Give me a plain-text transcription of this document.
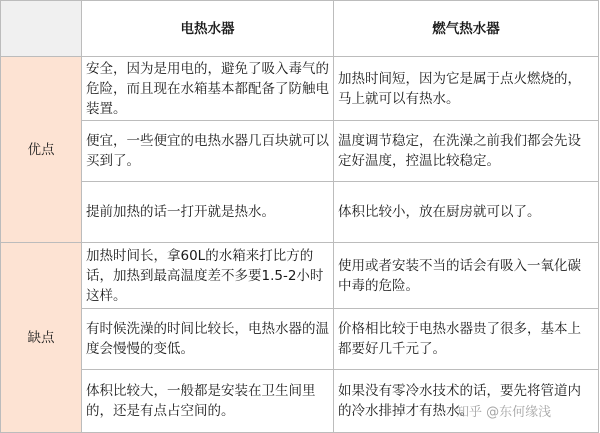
	电热水器	燃气热水器
优点	安全，因为是用电的，避免了吸入毒气的危险，而且现在水箱基本都配备了防触电装置。	加热时间短，因为它是属于点火燃烧的，马上就可以有热水。
	便宜，一些便宜的电热水器几百块就可以买到了。	温度调节稳定，在洗澡之前我们都会先设定好温度，控温比较稳定。
	提前加热的话一打开就是热水。	体积比较小，放在厨房就可以了。
缺点	加热时间长，拿60L的水箱来打比方的话，加热到最高温度差不多要1.5-2小时这样。	使用或者安装不当的话会有吸入一氧化碳中毒的危险。
	有时候洗澡的时间比较长，电热水器的温度会慢慢的变低。	价格相比较于电热水器贵了很多，基本上都要好几千元了。
	体积比较大，一般都是安装在卫生间里的，还是有点占空间的。	如果没有零冷水技术的话，要先将管道内的冷水排掉才有热水。
知乎 @东何缘浅
